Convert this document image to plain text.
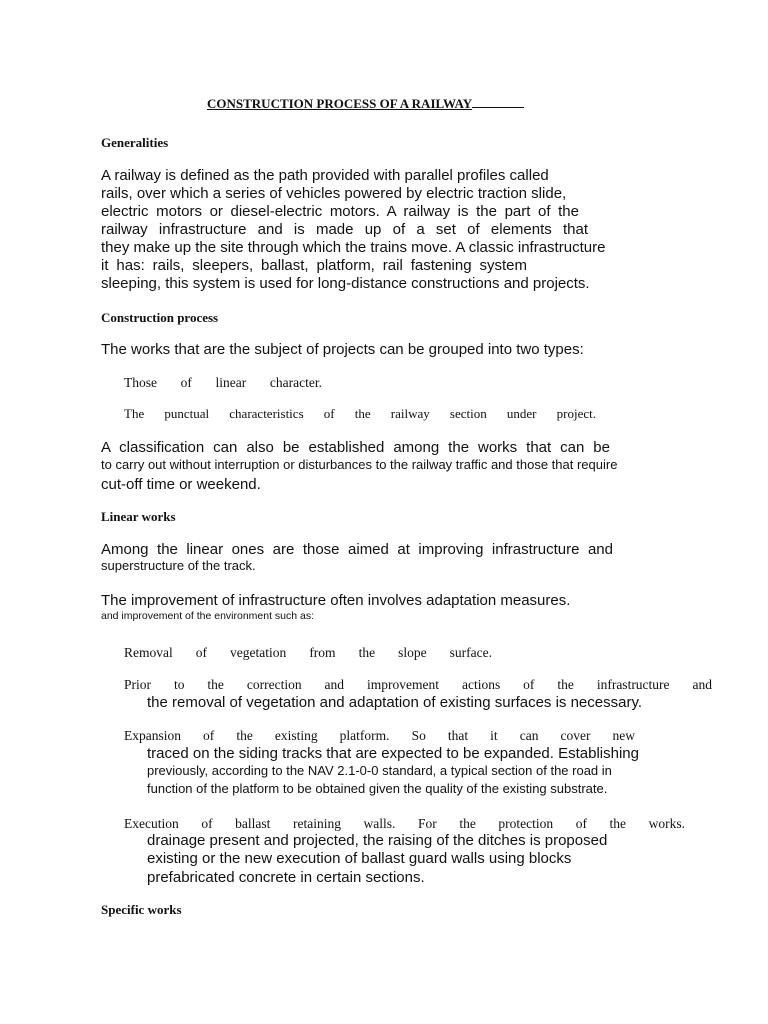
CONSTRUCTION PROCESS OF A RAILWAY
Generalities
A railway is defined as the path provided with parallel profiles called
rails, over which a series of vehicles powered by electric traction slide,
electric motors or diesel-electric motors. A railway is the part of the
railway infrastructure and is made up of a set of elements that
they make up the site through which the trains move. A classic infrastructure
it has: rails, sleepers, ballast, platform, rail fastening system
sleeping, this system is used for long-distance constructions and projects.
Construction process
The works that are the subject of projects can be grouped into two types:
Those of linear character.
The punctual characteristics of the railway section under project.
A classification can also be established among the works that can be
to carry out without interruption or disturbances to the railway traffic and those that require
cut-off time or weekend.
Linear works
Among the linear ones are those aimed at improving infrastructure and
superstructure of the track.
The improvement of infrastructure often involves adaptation measures.
and improvement of the environment such as:
Removal of vegetation from the slope surface.
Prior to the correction and improvement actions of the infrastructure and
the removal of vegetation and adaptation of existing surfaces is necessary.
Expansion of the existing platform. So that it can cover new
traced on the siding tracks that are expected to be expanded. Establishing
previously, according to the NAV 2.1-0-0 standard, a typical section of the road in
function of the platform to be obtained given the quality of the existing substrate.
Execution of ballast retaining walls. For the protection of the works.
drainage present and projected, the raising of the ditches is proposed
existing or the new execution of ballast guard walls using blocks
prefabricated concrete in certain sections.
Specific works
